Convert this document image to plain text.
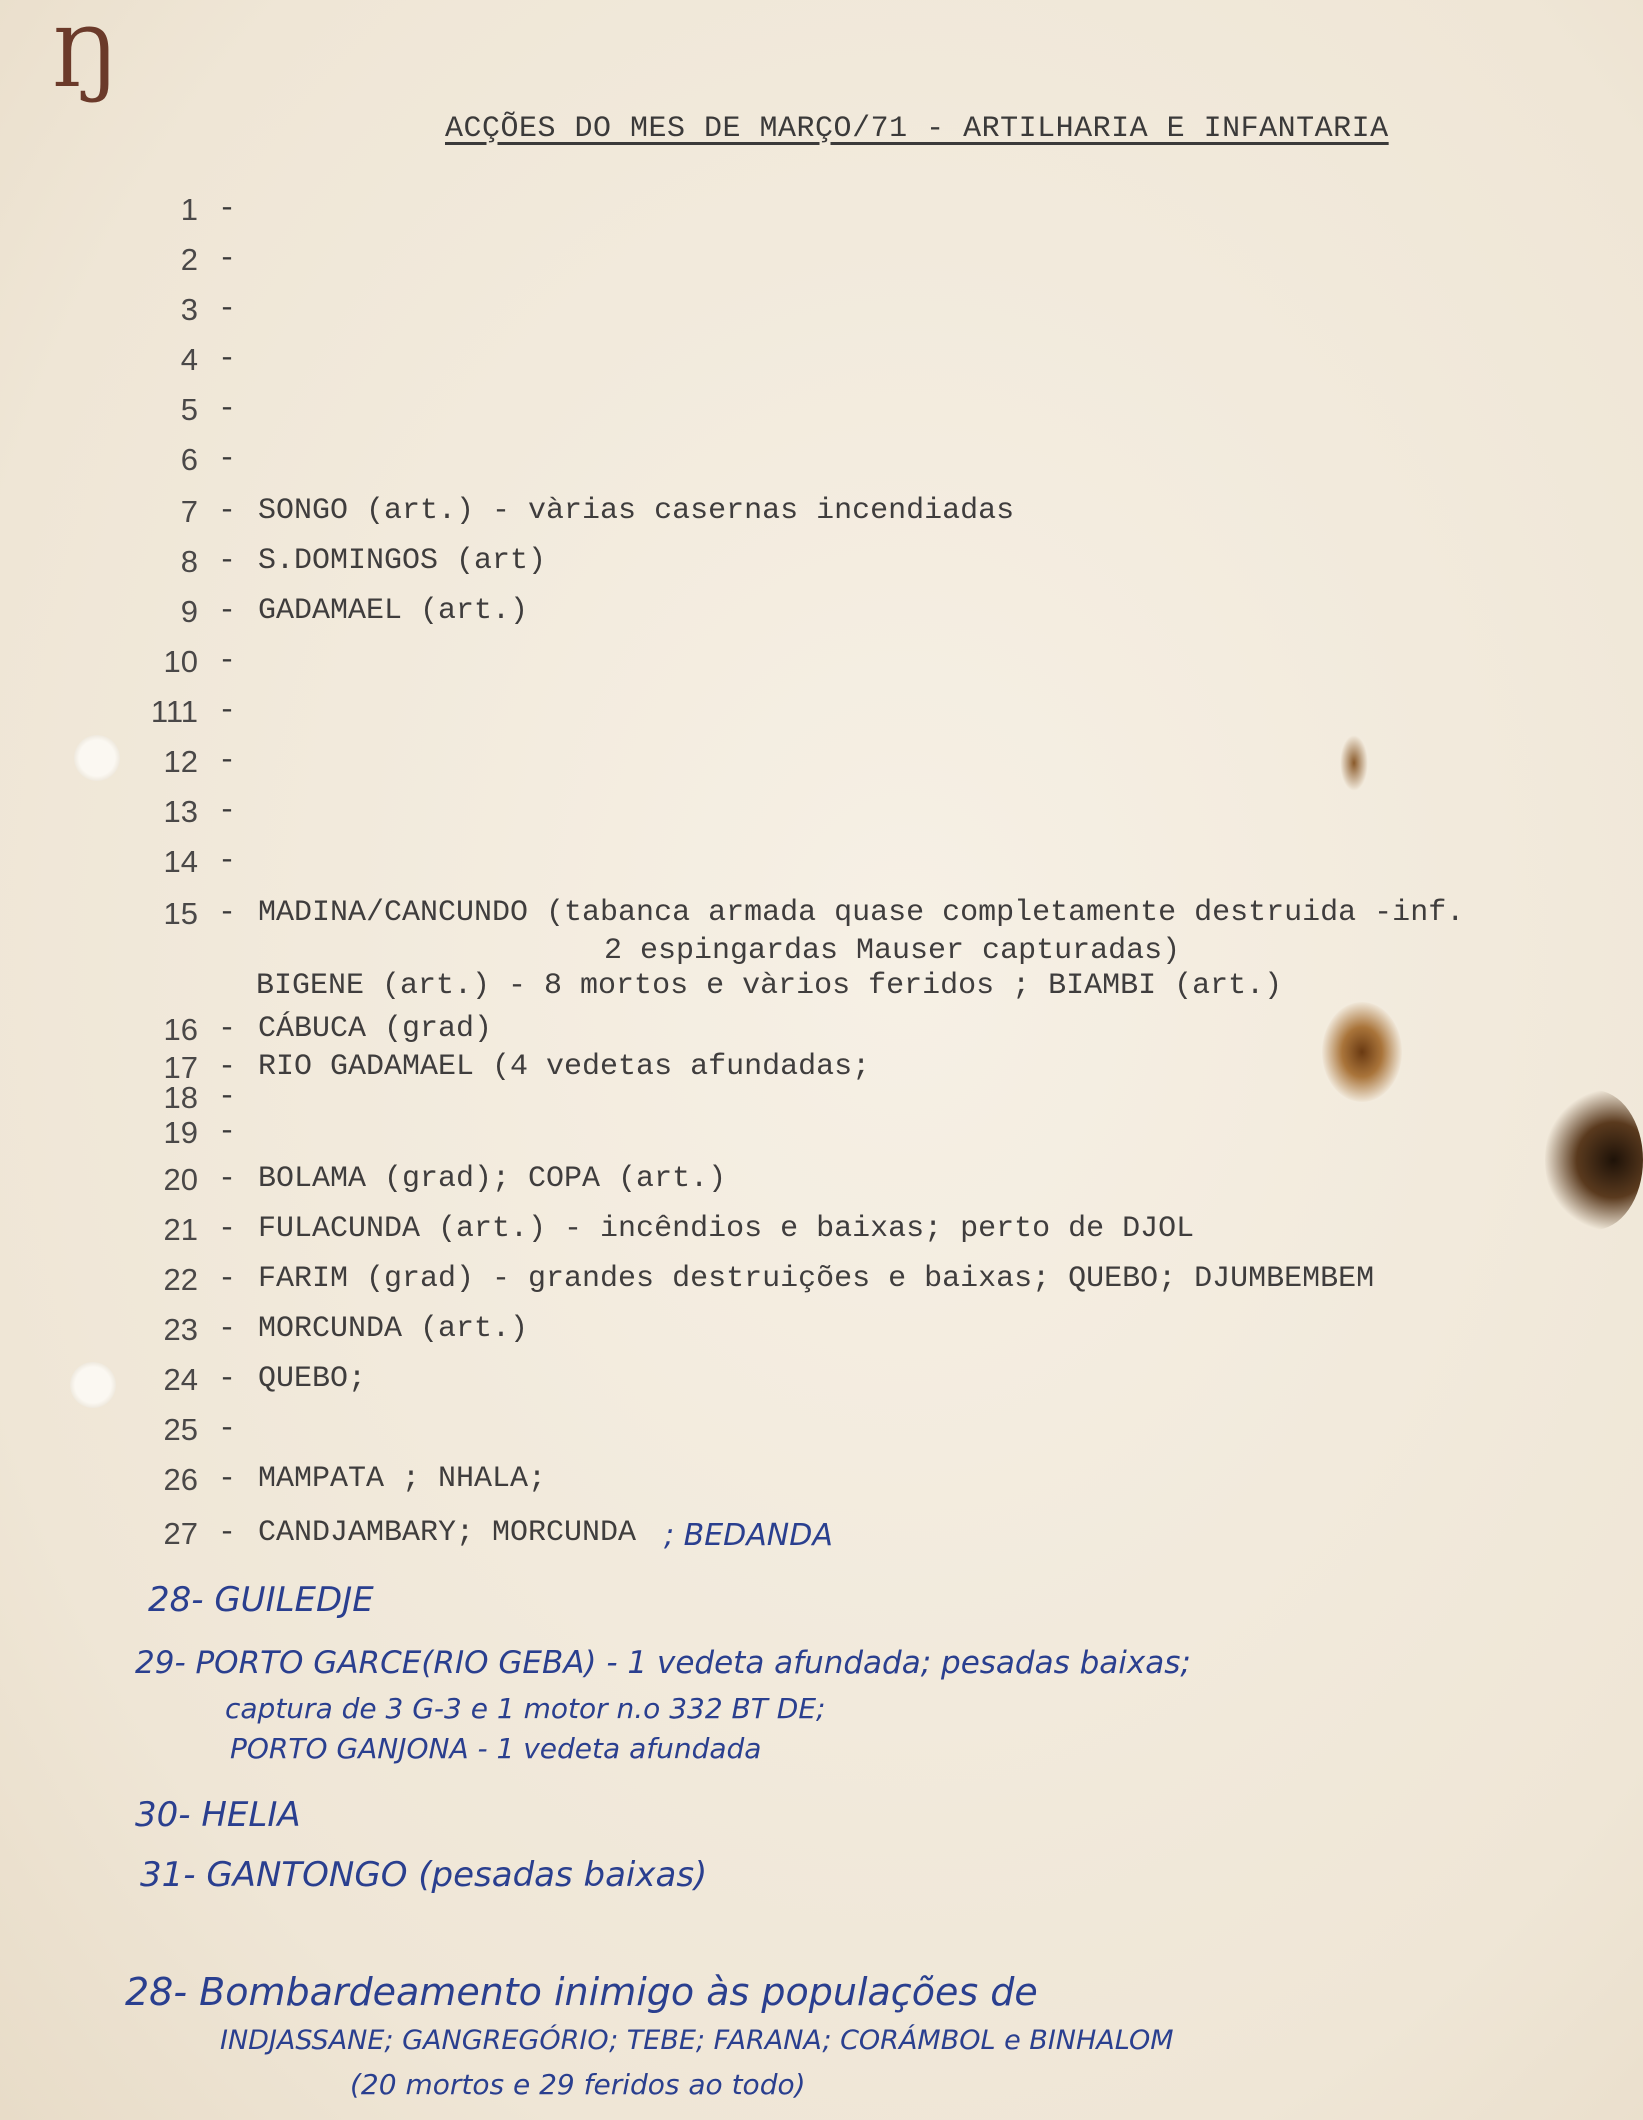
Ŋ
ACÇÕES DO MES DE MARÇO/71 - ARTILHARIA E INFANTARIA
1 -
2 -
3 -
4 -
5 -
6 -
7 - SONGO (art.) - vàrias casernas incendiadas
8 - S.DOMINGOS (art)
9 - GADAMAEL (art.)
10 -
111 -
12 -
13 -
14 -
15 - MADINA/CANCUNDO (tabanca armada quase completamente destruida -inf.
16 - CÁBUCA (grad)
17 - RIO GADAMAEL (4 vedetas afundadas;
18 -
19 -
20 - BOLAMA (grad); COPA (art.)
21 - FULACUNDA (art.) - incêndios e baixas; perto de DJOL
22 - FARIM (grad) - grandes destruições e baixas; QUEBO; DJUMBEMBEM
23 - MORCUNDA (art.)
24 - QUEBO;
25 -
26 - MAMPATA ; NHALA;
27 - CANDJAMBARY; MORCUNDA
2 espingardas Mauser capturadas)
BIGENE (art.) - 8 mortos e vàrios feridos ; BIAMBI (art.)
; BEDANDA
28- GUILEDJE
29- PORTO GARCE(RIO GEBA) - 1 vedeta afundada; pesadas baixas;
captura de 3 G-3 e 1 motor n.o 332 BT DE;
PORTO GANJONA - 1 vedeta afundada
30- HELIA
31- GANTONGO (pesadas baixas)
28- Bombardeamento inimigo às populações de
INDJASSANE; GANGREGÓRIO; TEBE; FARANA; CORÁMBOL e BINHALOM
(20 mortos e 29 feridos ao todo)
